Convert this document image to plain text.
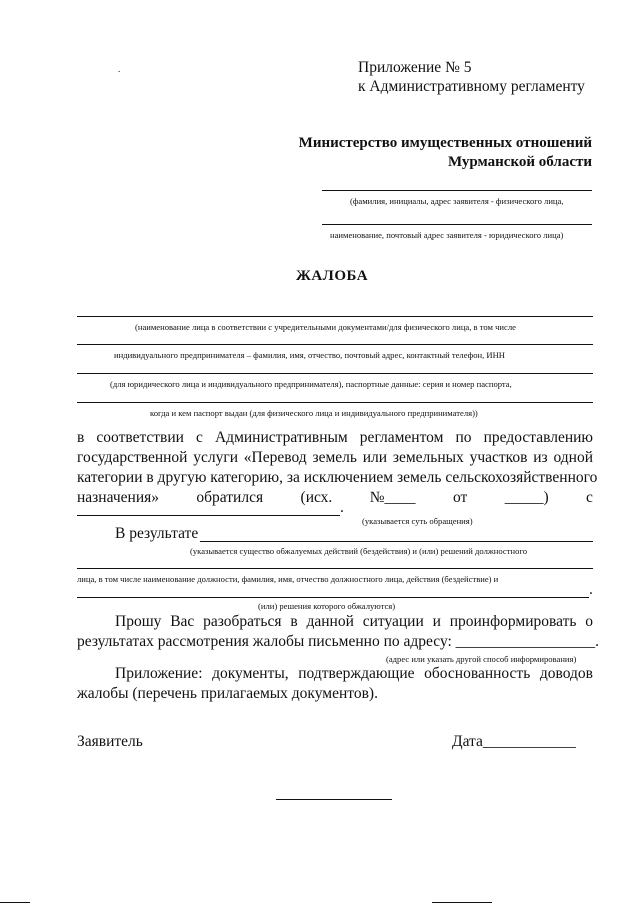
.	Приложение № 5
к Административному регламенту
Министерство имущественных отношений
Мурманской области
(фамилия, инициалы, адрес заявителя - физического лица,
наименование, почтовый адрес заявителя - юридического лица)
ЖАЛОБА
(наименование лица в соответствии с учредительными документами/для физического лица, в том числе
индивидуального предпринимателя – фамилия, имя, отчество, почтовый адрес, контактный телефон, ИНН
(для юридического лица и индивидуального предпринимателя), паспортные данные: серия и номер паспорта,
когда и кем паспорт выдан (для физического лица и индивидуального предпринимателя))
в соответствии с Административным регламентом по предоставлению
государственной услуги «Перевод земель или земельных участков из одной
категории в другую категорию, за исключением земель сельскохозяйственного
назначения» обратился (исх. №____ от _____) с
.
(указывается суть обращения)
В результате
(указывается существо обжалуемых действий (бездействия) и (или) решений должностного
лица, в том числе наименование должности, фамилия, имя, отчество должностного лица, действия (бездействие) и
.
(или) решения которого обжалуются)
Прошу Вас разобраться в данной ситуации и проинформировать о
результатах рассмотрения жалобы письменно по адресу: __________________.
(адрес или указать другой способ информирования)
Приложение: документы, подтверждающие обоснованность доводов
жалобы (перечень прилагаемых документов).
Заявитель	Дата____________
